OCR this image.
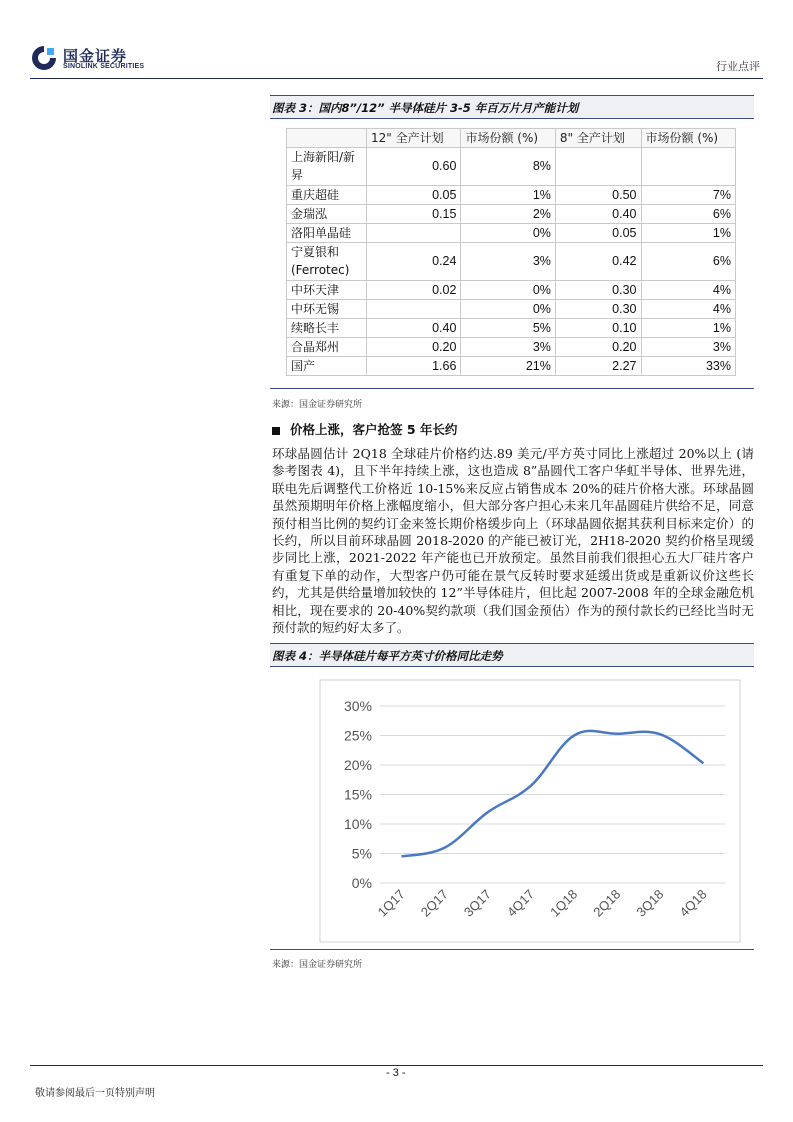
国金证券
SINOLINK SECURITIES	行业点评
图表 3：国内8”/12” 半导体硅片 3-5 年百万片月产能计划
	12" 全产计划	市场份额 (%)	8" 全产计划	市场份额 (%)
上海新阳/新昇	0.60	8%		
重庆超硅	0.05	1%	0.50	7%
金瑞泓	0.15	2%	0.40	6%
洛阳单晶硅		0%	0.05	1%
宁夏银和 (Ferrotec)	0.24	3%	0.42	6%
中环天津	0.02	0%	0.30	4%
中环无锡		0%	0.30	4%
续略长丰	0.40	5%	0.10	1%
合晶郑州	0.20	3%	0.20	3%
国产	1.66	21%	2.27	33%
来源：国金证券研究所
价格上涨，客户抢签 5 年长约
环球晶圆估计 2Q18 全球硅片价格约达.89 美元/平方英寸同比上涨超过 20%以上 (请参考图表 4)，且下半年持续上涨，这也造成 8”晶圆代工客户华虹半导体、世界先进，联电先后调整代工价格近 10-15%来反应占销售成本 20%的硅片价格大涨。环球晶圆虽然预期明年价格上涨幅度缩小，但大部分客户担心未来几年晶圆硅片供给不足，同意预付相当比例的契约订金来签长期价格缓步向上（环球晶圆依据其获利目标来定价）的长约，所以目前环球晶圆 2018-2020 的产能已被订光，2H18-2020 契约价格呈现缓步同比上涨，2021-2022 年产能也已开放预定。虽然目前我们很担心五大厂硅片客户有重复下单的动作，大型客户仍可能在景气反转时要求延缓出货或是重新议价这些长约，尤其是供给量增加较快的 12”半导体硅片，但比起 2007-2008 年的全球金融危机相比，现在要求的 20-40%契约款项（我们国金预估）作为的预付款长约已经比当时无预付款的短约好太多了。
图表 4：半导体硅片每平方英寸价格同比走势
0%
5%
10%
15%
20%
25%
30%
1Q17 2Q17 3Q17 4Q17 1Q18 2Q18 3Q18 4Q18
来源：国金证券研究所
- 3 -
敬请参阅最后一页特别声明
